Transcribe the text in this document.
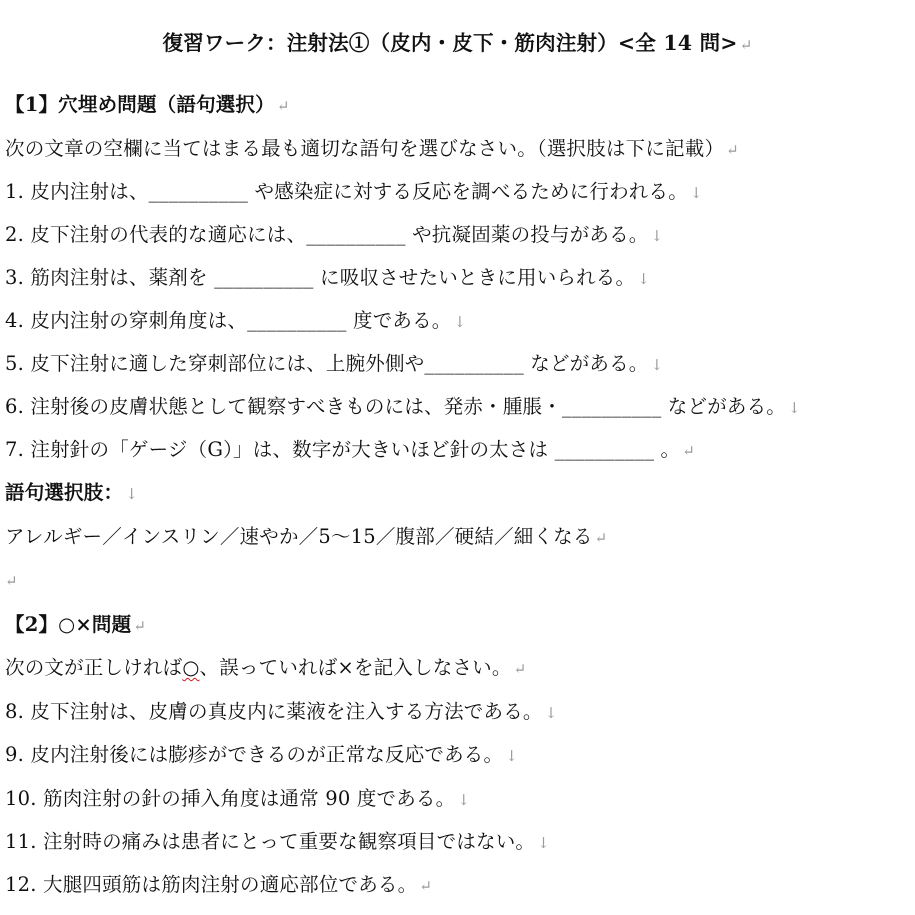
復習ワーク：注射法①（皮内・皮下・筋肉注射）<全 14 問> ↵
【1】穴埋め問題（語句選択） ↵
次の文章の空欄に当てはまる最も適切な語句を選びなさい。（選択肢は下に記載） ↵
1. 皮内注射は、__________ や感染症に対する反応を調べるために行われる。 ↓
2. 皮下注射の代表的な適応には、__________ や抗凝固薬の投与がある。 ↓
3. 筋肉注射は、薬剤を __________ に吸収させたいときに用いられる。 ↓
4. 皮内注射の穿刺角度は、__________ 度である。 ↓
5. 皮下注射に適した穿刺部位には、上腕外側や__________ などがある。 ↓
6. 注射後の皮膚状態として観察すべきものには、発赤・腫脹・__________ などがある。 ↓
7. 注射針の「ゲージ（G）」は、数字が大きいほど針の太さは __________ 。 ↵
語句選択肢： ↓
アレルギー／インスリン／速やか／5〜15／腹部／硬結／細くなる ↵
↵
【2】○×問題 ↵
次の文が正しければ○、誤っていれば×を記入しなさい。 ↵
8. 皮下注射は、皮膚の真皮内に薬液を注入する方法である。 ↓
9. 皮内注射後には膨疹ができるのが正常な反応である。 ↓
10. 筋肉注射の針の挿入角度は通常 90 度である。 ↓
11. 注射時の痛みは患者にとって重要な観察項目ではない。 ↓
12. 大腿四頭筋は筋肉注射の適応部位である。 ↵
